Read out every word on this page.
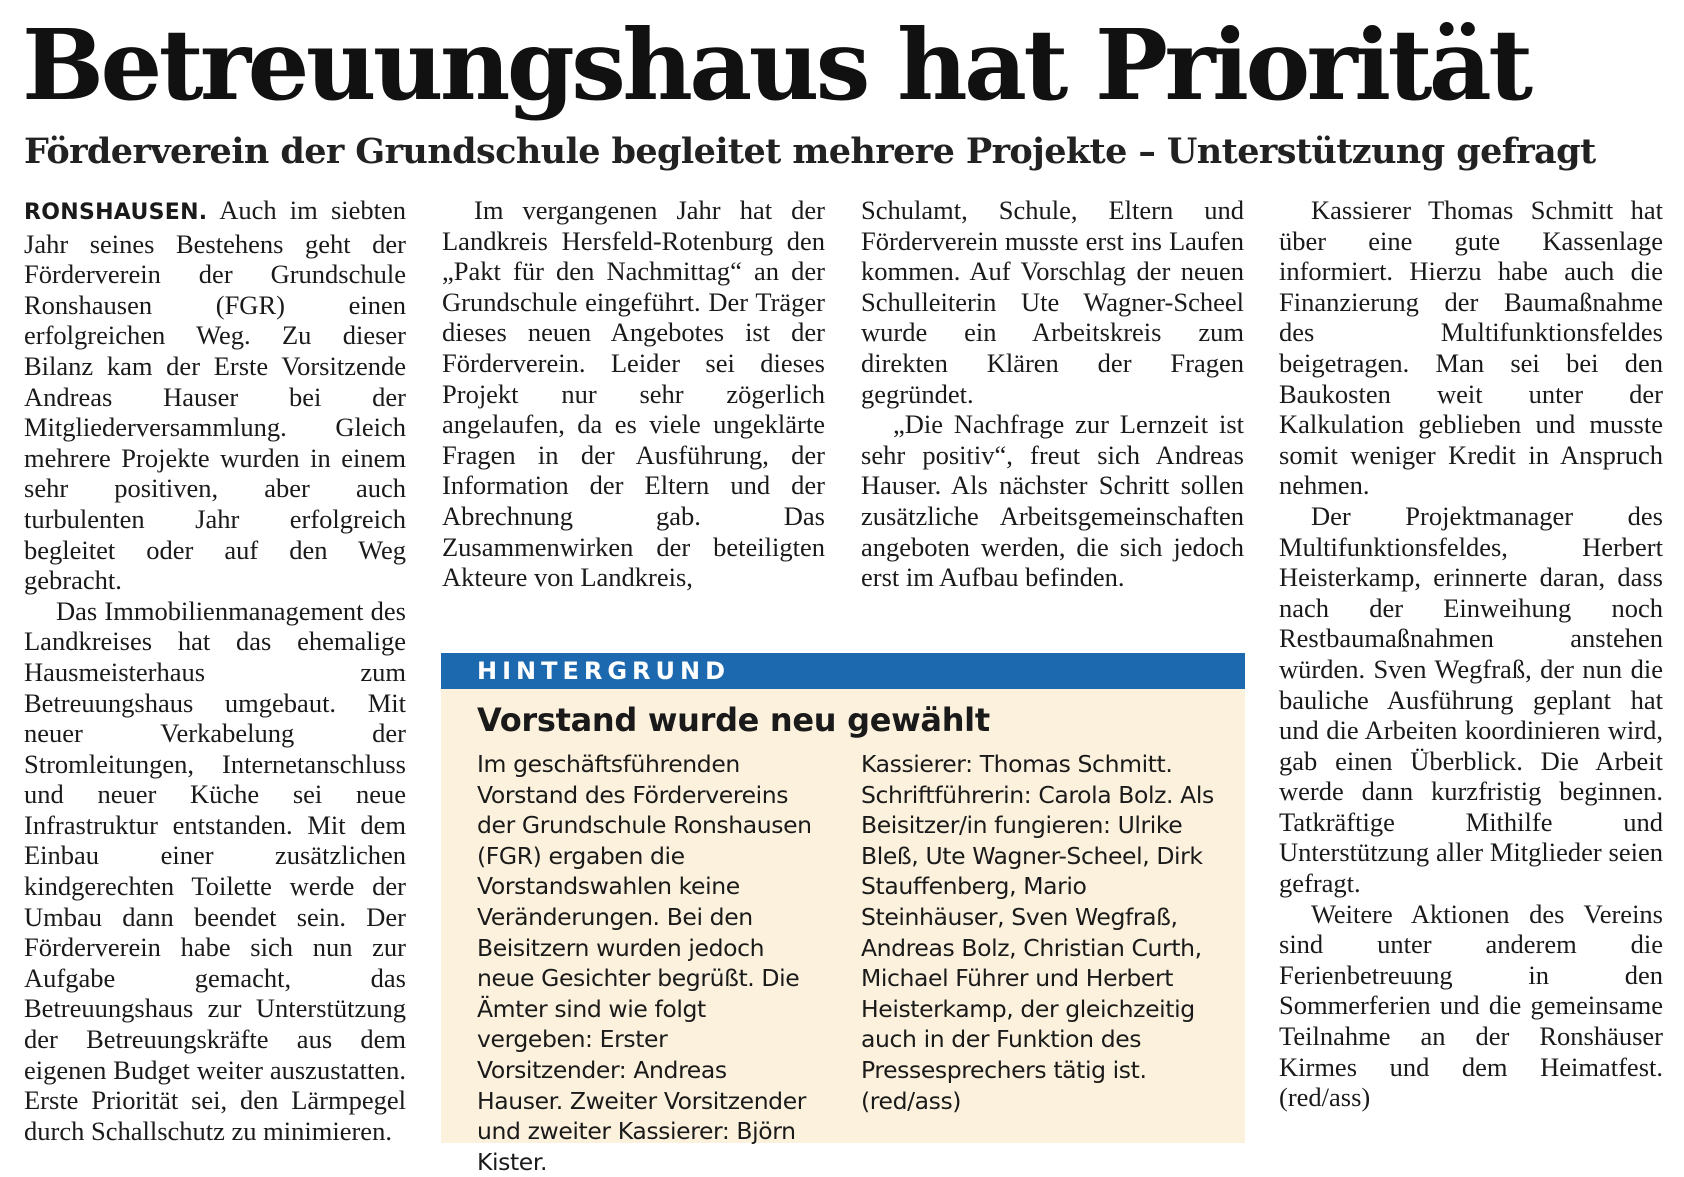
Betreuungshaus hat Priorität
Förderverein der Grundschule begleitet mehrere Projekte – Unterstützung gefragt

RONSHAUSEN. Auch im siebten Jahr seines Bestehens geht der Förderverein der Grundschule Ronshausen (FGR) einen erfolgreichen Weg. Zu dieser Bilanz kam der Erste Vorsitzende Andreas Hauser bei der Mitgliederversammlung. Gleich mehrere Projekte wurden in einem sehr positiven, aber auch turbulenten Jahr erfolgreich begleitet oder auf den Weg gebracht.

Das Immobilienmanagement des Landkreises hat das ehemalige Hausmeisterhaus zum Betreuungshaus umgebaut. Mit neuer Verkabelung der Stromleitungen, Internetanschluss und neuer Küche sei neue Infrastruktur entstanden. Mit dem Einbau einer zusätzlichen kindgerechten Toilette werde der Umbau dann beendet sein. Der Förderverein habe sich nun zur Aufgabe gemacht, das Betreuungshaus zur Unterstützung der Betreuungskräfte aus dem eigenen Budget weiter auszustatten. Erste Priorität sei, den Lärmpegel durch Schallschutz zu minimieren.

Im vergangenen Jahr hat der Landkreis Hersfeld-Rotenburg den „Pakt für den Nachmittag“ an der Grundschule eingeführt. Der Träger dieses neuen Angebotes ist der Förderverein. Leider sei dieses Projekt nur sehr zögerlich angelaufen, da es viele ungeklärte Fragen in der Ausführung, der Information der Eltern und der Abrechnung gab. Das Zusammenwirken der beteiligten Akteure von Landkreis,

Schulamt, Schule, Eltern und Förderverein musste erst ins Laufen kommen. Auf Vorschlag der neuen Schulleiterin Ute Wagner-Scheel wurde ein Arbeitskreis zum direkten Klären der Fragen gegründet.

„Die Nachfrage zur Lernzeit ist sehr positiv“, freut sich Andreas Hauser. Als nächster Schritt sollen zusätzliche Arbeitsgemeinschaften angeboten werden, die sich jedoch erst im Aufbau befinden.

Kassierer Thomas Schmitt hat über eine gute Kassenlage informiert. Hierzu habe auch die Finanzierung der Baumaßnahme des Multifunktionsfeldes beigetragen. Man sei bei den Baukosten weit unter der Kalkulation geblieben und musste somit weniger Kredit in Anspruch nehmen.

Der Projektmanager des Multifunktionsfeldes, Herbert Heisterkamp, erinnerte daran, dass nach der Einweihung noch Restbaumaßnahmen anstehen würden. Sven Wegfraß, der nun die bauliche Ausführung geplant hat und die Arbeiten koordinieren wird, gab einen Überblick. Die Arbeit werde dann kurzfristig beginnen. Tatkräftige Mithilfe und Unterstützung aller Mitglieder seien gefragt.

Weitere Aktionen des Vereins sind unter anderem die Ferienbetreuung in den Sommerferien und die gemeinsame Teilnahme an der Ronshäuser Kirmes und dem Heimatfest. (red/ass)

HINTERGRUND
Vorstand wurde neu gewählt

Im geschäftsführenden Vorstand des Fördervereins der Grundschule Ronshausen (FGR) ergaben die Vorstandswahlen keine Veränderungen. Bei den Beisitzern wurden jedoch neue Gesichter begrüßt. Die Ämter sind wie folgt vergeben: Erster Vorsitzender: Andreas Hauser. Zweiter Vorsitzender und zweiter Kassierer: Björn Kister.

Kassierer: Thomas Schmitt. Schriftführerin: Carola Bolz. Als Beisitzer/in fungieren: Ulrike Bleß, Ute Wagner-Scheel, Dirk Stauffenberg, Mario Steinhäuser, Sven Wegfraß, Andreas Bolz, Christian Curth, Michael Führer und Herbert Heisterkamp, der gleichzeitig auch in der Funktion des Pressesprechers tätig ist. (red/ass)
